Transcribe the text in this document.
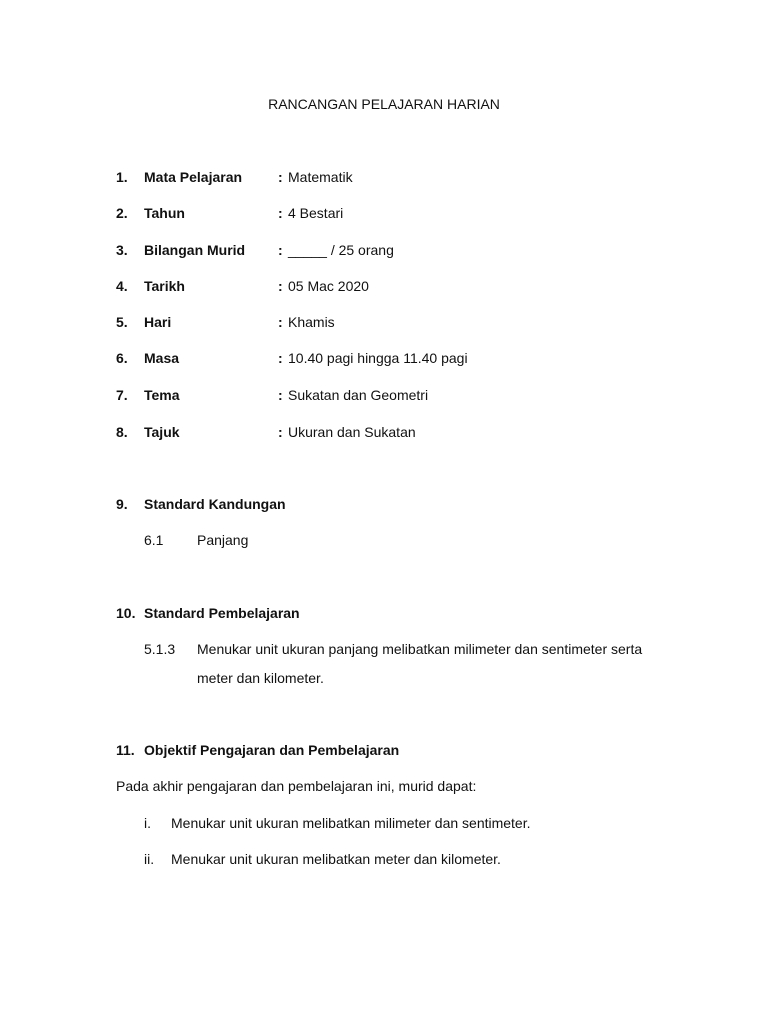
RANCANGAN PELAJARAN HARIAN
1. Mata Pelajaran	: Matematik
2. Tahun	: 4 Bestari
3. Bilangan Murid : _____ / 25 orang
4. Tarikh	: 05 Mac 2020
5. Hari	: Khamis
6. Masa	: 10.40 pagi hingga 11.40 pagi
7. Tema	: Sukatan dan Geometri
8. Tajuk	: Ukuran dan Sukatan
9. Standard Kandungan
6.1 Panjang
10. Standard Pembelajaran
5.1.3 Menukar unit ukuran panjang melibatkan milimeter dan sentimeter serta
meter dan kilometer.
11. Objektif Pengajaran dan Pembelajaran
Pada akhir pengajaran dan pembelajaran ini, murid dapat:
i. Menukar unit ukuran melibatkan milimeter dan sentimeter.
ii. Menukar unit ukuran melibatkan meter dan kilometer.
